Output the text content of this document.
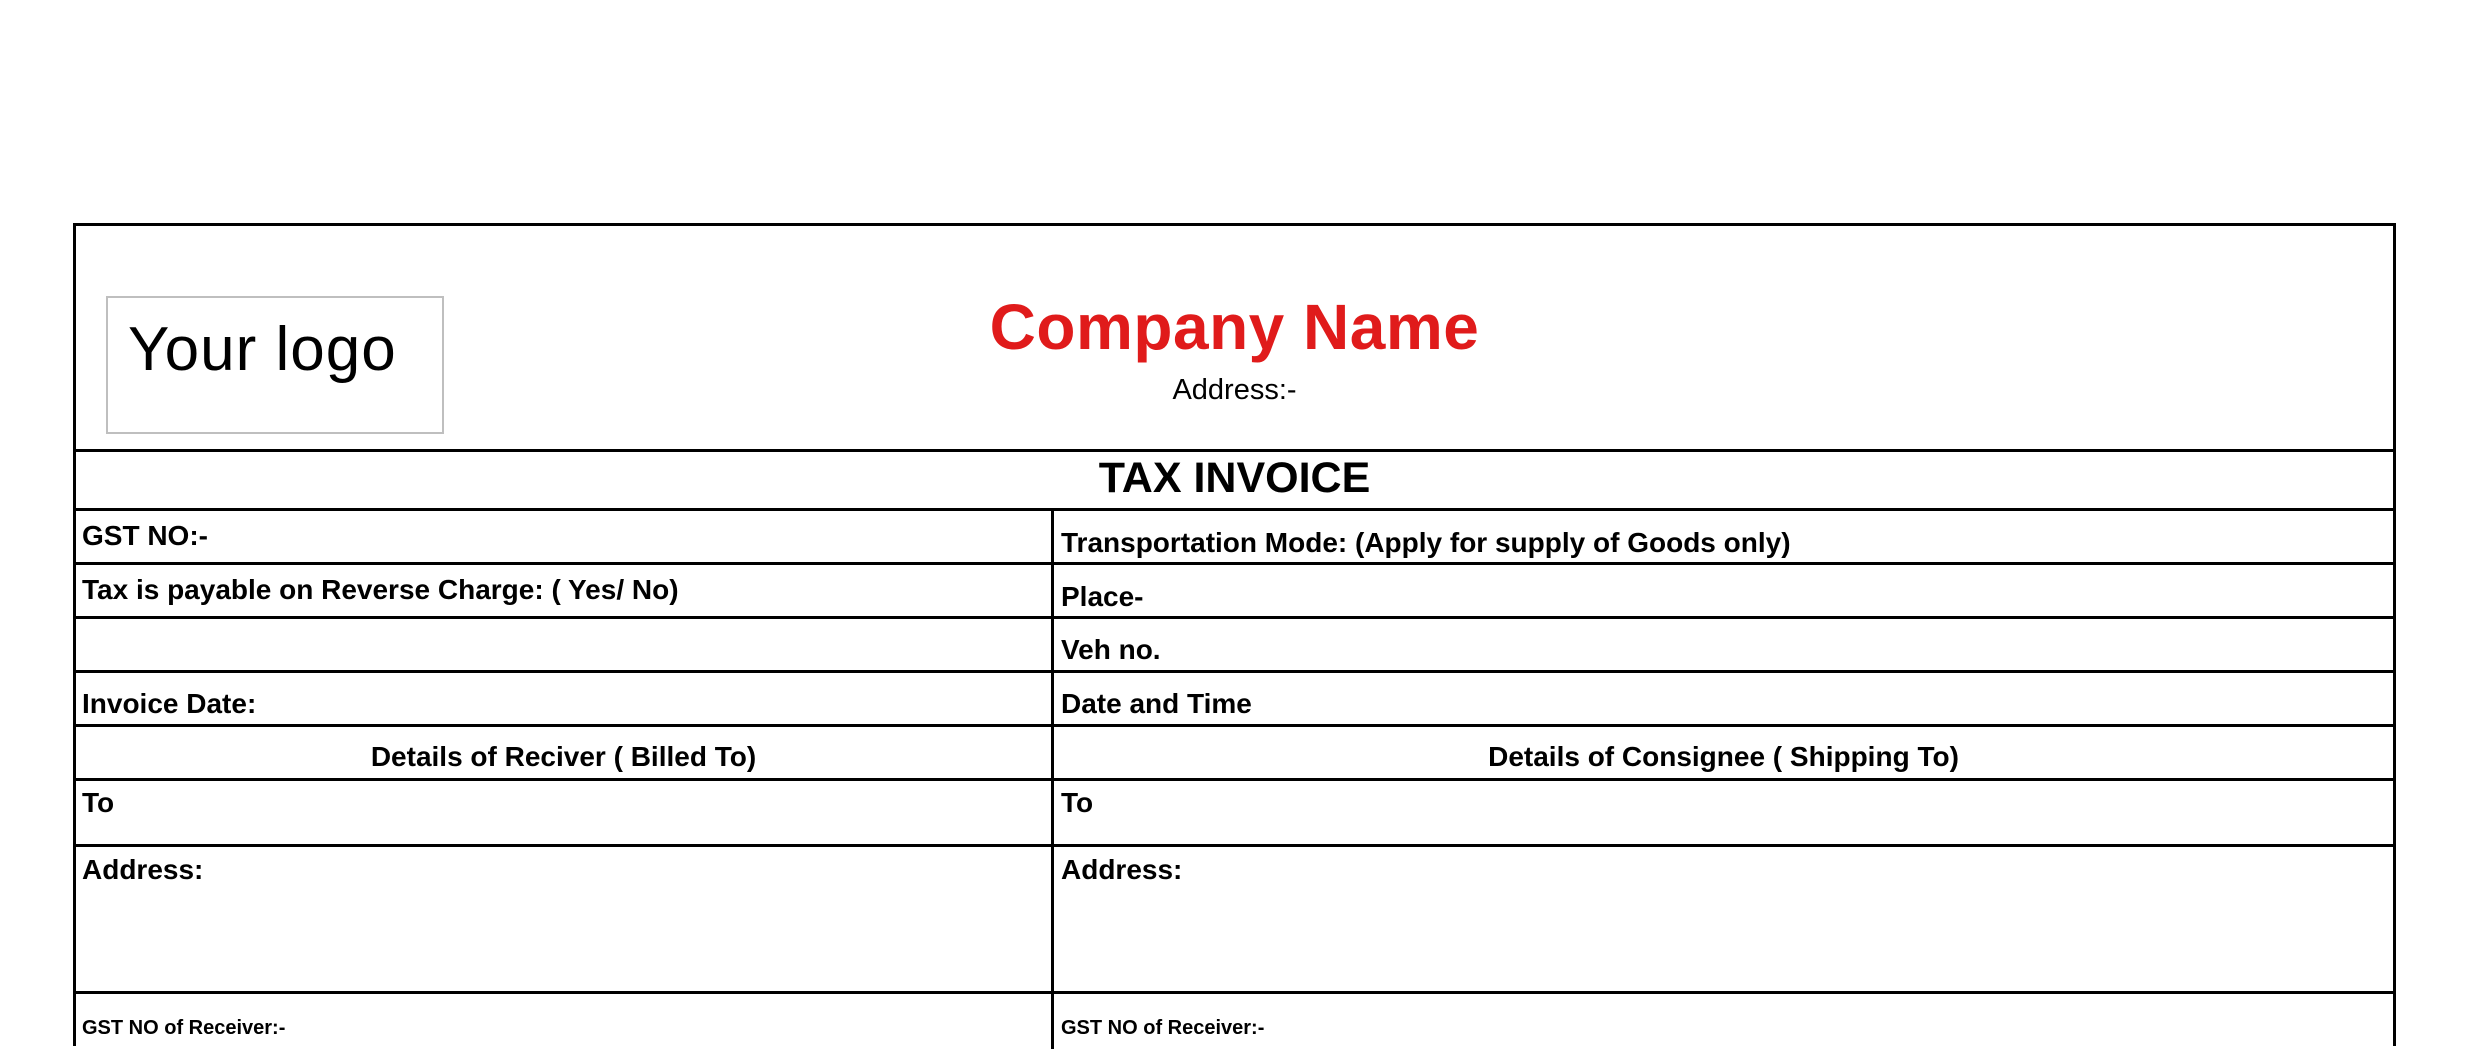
Your logo	Company Name
Address:-
TAX INVOICE
GST NO:-
Tax is payable on Reverse Charge: ( Yes/ No)
Invoice Date:
Details of Reciver ( Billed To)
To
Address:
GST NO of Receiver:-
Transportation Mode: (Apply for supply of Goods only)
Place-
Veh no.
Date and Time
Details of Consignee ( Shipping To)
To
Address:
GST NO of Receiver:-
